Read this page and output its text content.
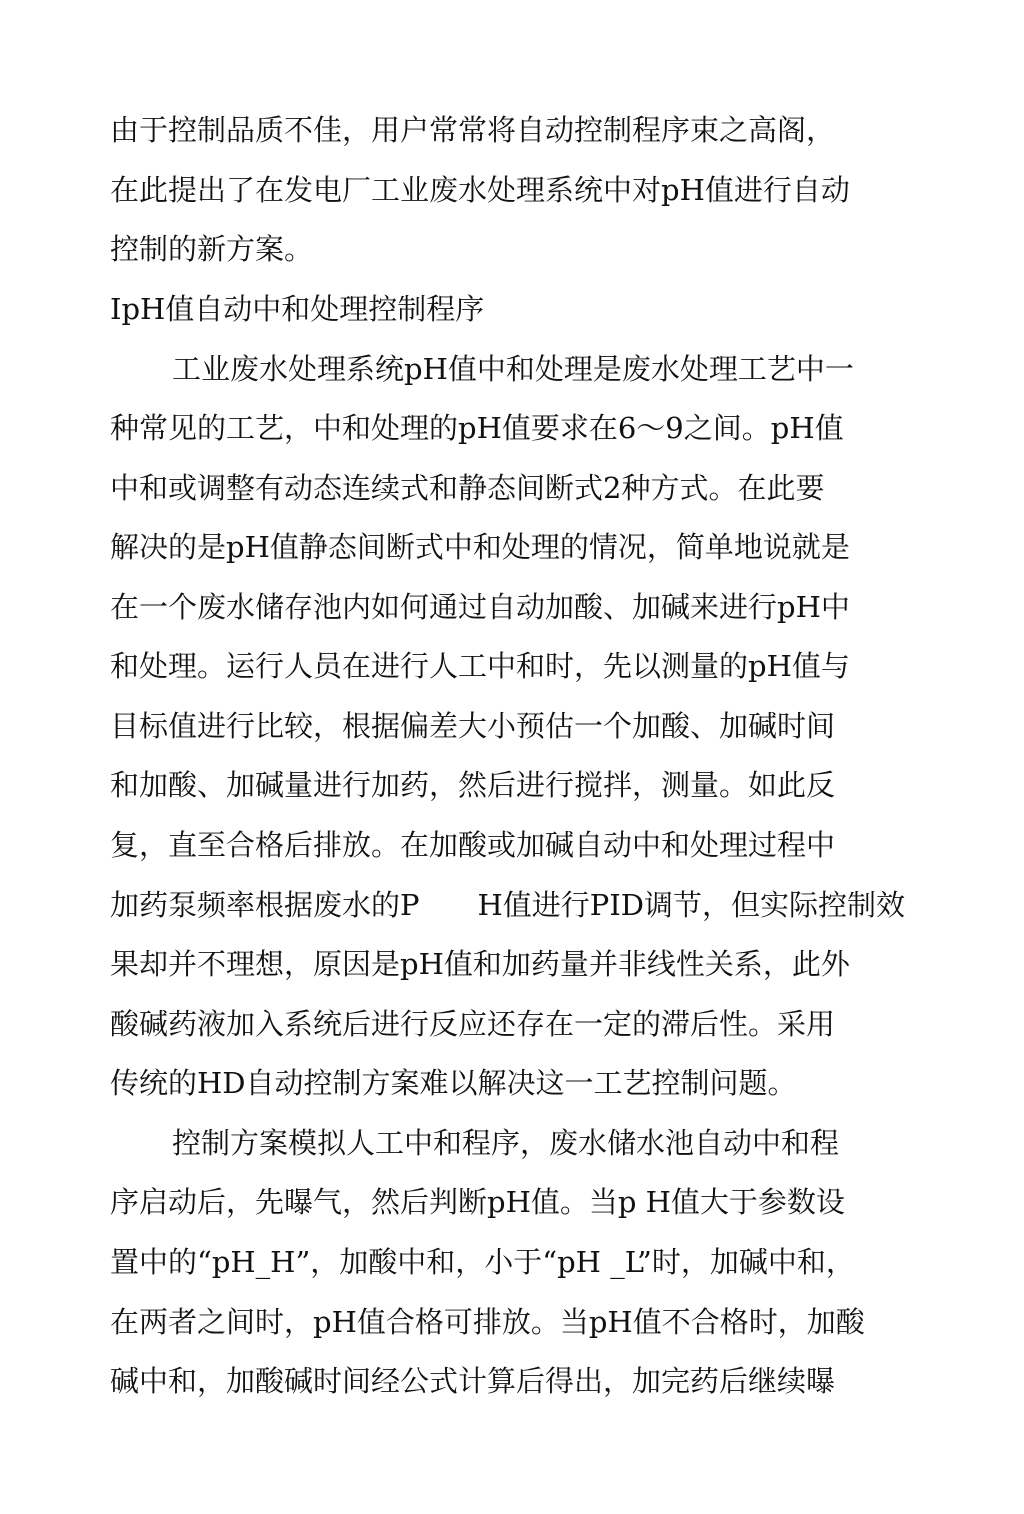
由于控制品质不佳，用户常常将自动控制程序束之高阁，
在此提出了在发电厂工业废水处理系统中对pH值进行自动
控制的新方案。
IpH值自动中和处理控制程序
工业废水处理系统pH值中和处理是废水处理工艺中一
种常见的工艺，中和处理的pH值要求在6～9之间。pH值
中和或调整有动态连续式和静态间断式2种方式。在此要
解决的是pH值静态间断式中和处理的情况，简单地说就是
在一个废水储存池内如何通过自动加酸、加碱来进行pH中
和处理。运行人员在进行人工中和时，先以测量的pH值与
目标值进行比较，根据偏差大小预估一个加酸、加碱时间
和加酸、加碱量进行加药，然后进行搅拌，测量。如此反
复，直至合格后排放。在加酸或加碱自动中和处理过程中
加药泵频率根据废水的P　　H值进行PID调节，但实际控制效
果却并不理想，原因是pH值和加药量并非线性关系，此外
酸碱药液加入系统后进行反应还存在一定的滞后性。采用
传统的HD自动控制方案难以解决这一工艺控制问题。
控制方案模拟人工中和程序，废水储水池自动中和程
序启动后，先曝气，然后判断pH值。当p H值大于参数设
置中的“pH_H”，加酸中和，小于“pH _L”时，加碱中和，
在两者之间时，pH值合格可排放。当pH值不合格时，加酸
碱中和，加酸碱时间经公式计算后得出，加完药后继续曝
